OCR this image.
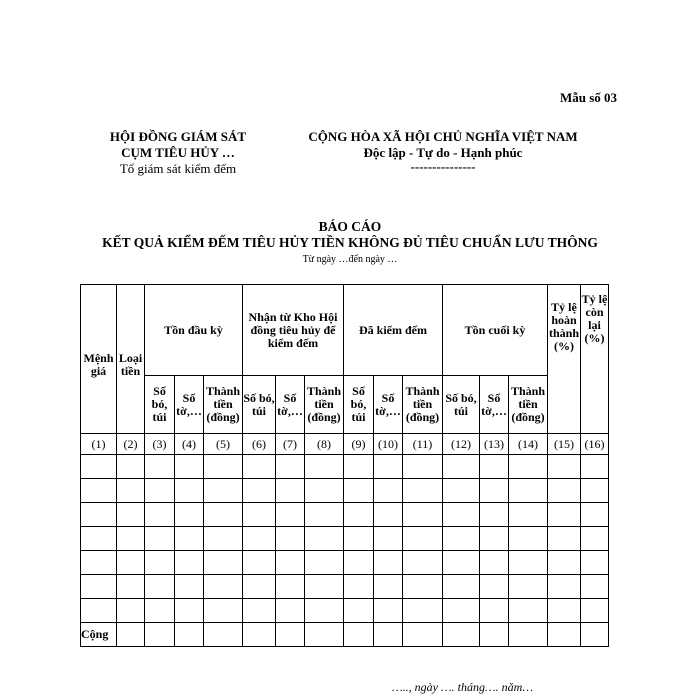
Mẫu số 03
HỘI ĐỒNG GIÁM SÁT
CỤM TIÊU HỦY …
Tổ giám sát kiểm đếm
CỘNG HÒA XÃ HỘI CHỦ NGHĨA VIỆT NAM
Độc lập - Tự do - Hạnh phúc
---------------
BÁO CÁO
KẾT QUẢ KIỂM ĐẾM TIÊU HỦY TIỀN KHÔNG ĐỦ TIÊU CHUẨN LƯU THÔNG
Từ ngày …đến ngày …
Mệnh giá	Loại tiền	Tồn đầu kỳ			Nhận từ Kho Hội đồng tiêu hủy để kiểm đếm			Đã kiểm đếm			Tồn cuối kỳ			Tỷ lệ hoàn thành (%)	Tỷ lệ còn lại (%)
		Số bó, túi	Số tờ,…	Thành tiền (đồng)	Số bó, túi	Số tờ,…	Thành tiền (đồng)	Số bó, túi	Số tờ,…	Thành tiền (đồng)	Số bó, túi	Số tờ,…	Thành tiền (đồng)		
(1)	(2)	(3)	(4)	(5)	(6)	(7)	(8)	(9)	(10)	(11)	(12)	(13)	(14)	(15)	(16)

Cộng															
….., ngày …. tháng…. năm…
